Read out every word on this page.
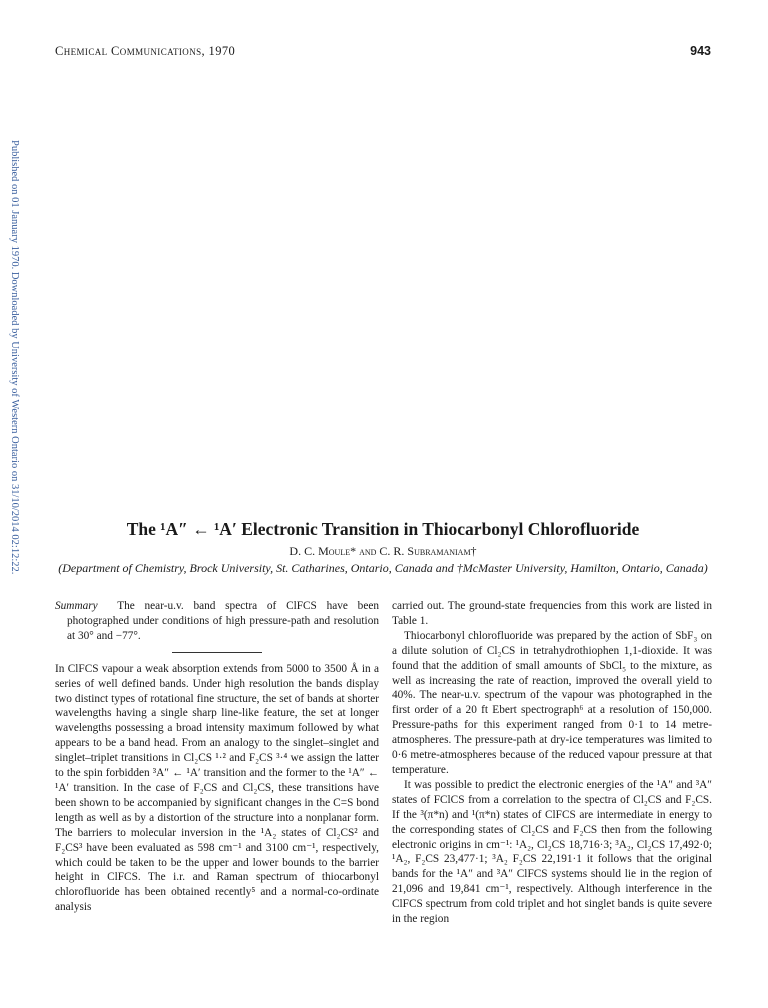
Chemical Communications, 1970	943
Published on 01 January 1970. Downloaded by University of Western Ontario on 31/10/2014 02:12:22.	The ¹A″ ← ¹A′ Electronic Transition in Thiocarbonyl Chlorofluoride
D. C. Moule* and C. R. Subramaniam†
(Department of Chemistry, Brock University, St. Catharines, Ontario, Canada and †McMaster University, Hamilton, Ontario, Canada)

Summary The near-u.v. band spectra of ClFCS have been photographed under conditions of high pressure-path and resolution at 30° and −77°.

In ClFCS vapour a weak absorption extends from 5000 to 3500 Å in a series of well defined bands. Under high resolution the bands display two distinct types of rotational fine structure, the set of bands at shorter wavelengths having a single sharp line-like feature, the set at longer wavelengths possessing a broad intensity maximum followed by what appears to be a band head. From an analogy to the singlet–singlet and singlet–triplet transitions in Cl₂CS ¹·² and F₂CS ³·⁴ we assign the latter to the spin forbidden ³A″ ← ¹A′ transition and the former to the ¹A″ ← ¹A′ transition. In the case of F₂CS and Cl₂CS, these transitions have been shown to be accompanied by significant changes in the C=S bond length as well as by a distortion of the structure into a nonplanar form. The barriers to molecular inversion in the ¹A₂ states of Cl₂CS² and F₂CS³ have been evaluated as 598 cm⁻¹ and 3100 cm⁻¹, respectively, which could be taken to be the upper and lower bounds to the barrier height in ClFCS. The i.r. and Raman spectrum of thiocarbonyl chlorofluoride has been obtained recently⁵ and a normal-co-ordinate analysis

carried out. The ground-state frequencies from this work are listed in Table 1.

Thiocarbonyl chlorofluoride was prepared by the action of SbF₃ on a dilute solution of Cl₂CS in tetrahydrothiophen 1,1-dioxide. It was found that the addition of small amounts of SbCl₅ to the mixture, as well as increasing the rate of reaction, improved the overall yield to 40%. The near-u.v. spectrum of the vapour was photographed in the first order of a 20 ft Ebert spectrograph⁶ at a resolution of 150,000. Pressure-paths for this experiment ranged from 0·1 to 14 metre-atmospheres. The pressure-path at dry-ice temperatures was limited to 0·6 metre-atmospheres because of the reduced vapour pressure at that temperature.

It was possible to predict the electronic energies of the ¹A″ and ³A″ states of FClCS from a correlation to the spectra of Cl₂CS and F₂CS. If the ³(π*n) and ¹(π*n) states of ClFCS are intermediate in energy to the corresponding states of Cl₂CS and F₂CS then from the following electronic origins in cm⁻¹: ¹A₂, Cl₂CS 18,716·3; ³A₂, Cl₂CS 17,492·0; ¹A₂, F₂CS 23,477·1; ³A₂ F₂CS 22,191·1 it follows that the original bands for the ¹A″ and ³A″ ClFCS systems should lie in the region of 21,096 and 19,841 cm⁻¹, respectively. Although interference in the ClFCS spectrum from cold triplet and hot singlet bands is quite severe in the region
